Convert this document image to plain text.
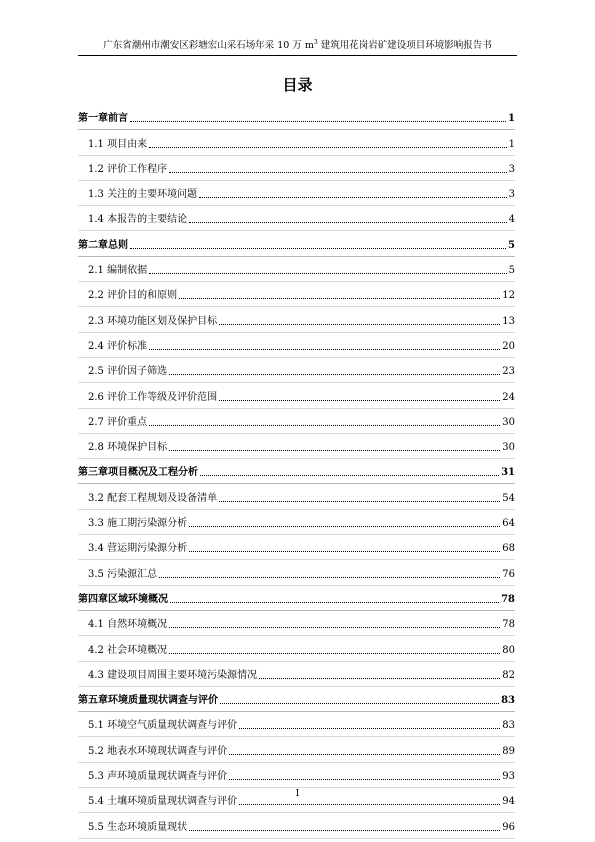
广东省潮州市潮安区彩塘宏山采石场年采 10 万 $m^3$ 建筑用花岗岩矿建设项目环境影响报告书
目录
第一章前言	1
1.1 项目由来	1
1.2 评价工作程序	3
1.3 关注的主要环境问题	3
1.4 本报告的主要结论	4
第二章总则	5
2.1 编制依据	5
2.2 评价目的和原则	12
2.3 环境功能区划及保护目标	13
2.4 评价标准	20
2.5 评价因子筛选	23
2.6 评价工作等级及评价范围	24
2.7 评价重点	30
2.8 环境保护目标	30
第三章项目概况及工程分析	31
3.2 配套工程规划及设备清单	54
3.3 施工期污染源分析	64
3.4 营运期污染源分析	68
3.5 污染源汇总	76
第四章区域环境概况	78
4.1 自然环境概况	78
4.2 社会环境概况	80
4.3 建设项目周围主要环境污染源情况	82
第五章环境质量现状调查与评价	83
5.1 环境空气质量现状调查与评价	83
5.2 地表水环境现状调查与评价	89
5.3 声环境质量现状调查与评价	93
5.4 土壤环境质量现状调查与评价	94
5.5 生态环境质量现状	96
I
